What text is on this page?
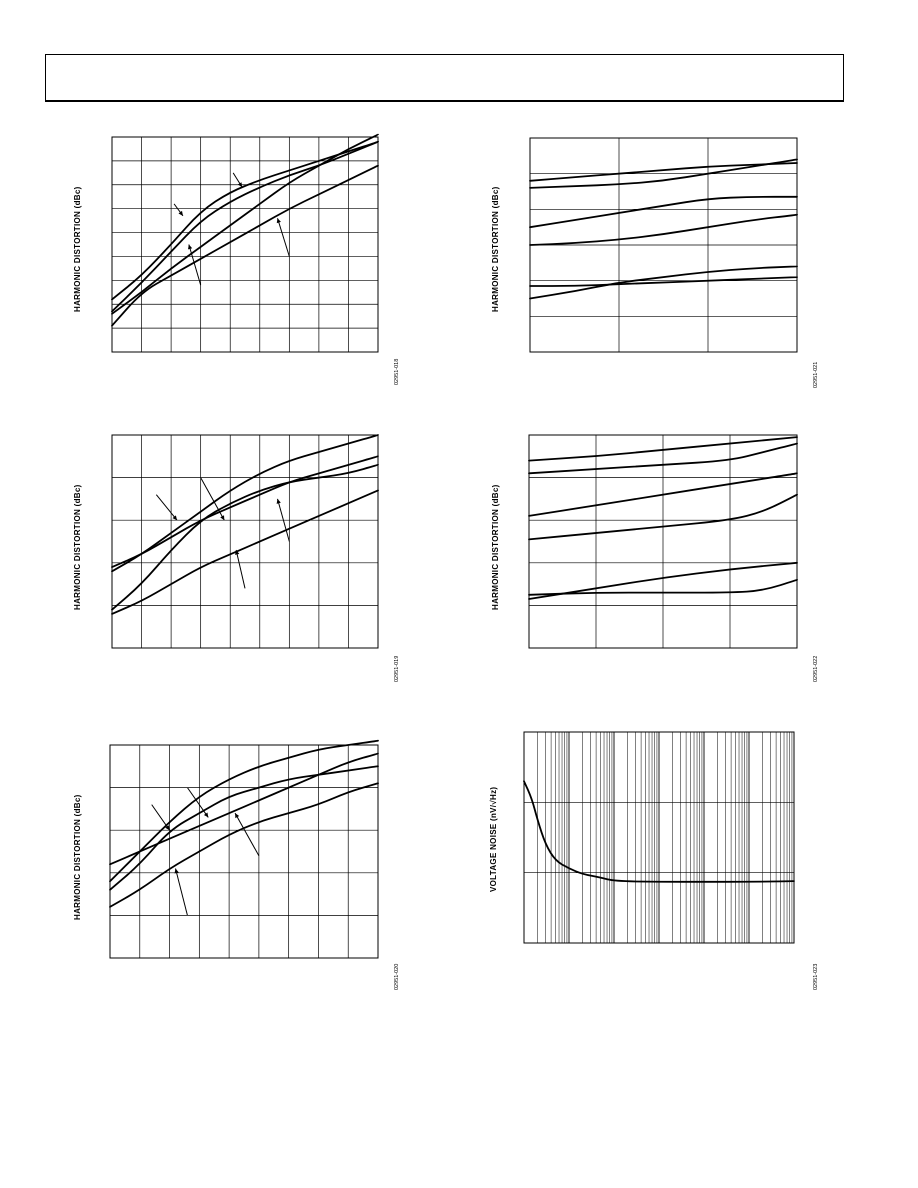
HARMONIC DISTORTION (dBc)
02951-018
HARMONIC DISTORTION (dBc)
02951-019
HARMONIC DISTORTION (dBc)
02951-020
HARMONIC DISTORTION (dBc)
02951-021
HARMONIC DISTORTION (dBc)
02951-022
VOLTAGE NOISE (nV/√Hz)
02951-023
